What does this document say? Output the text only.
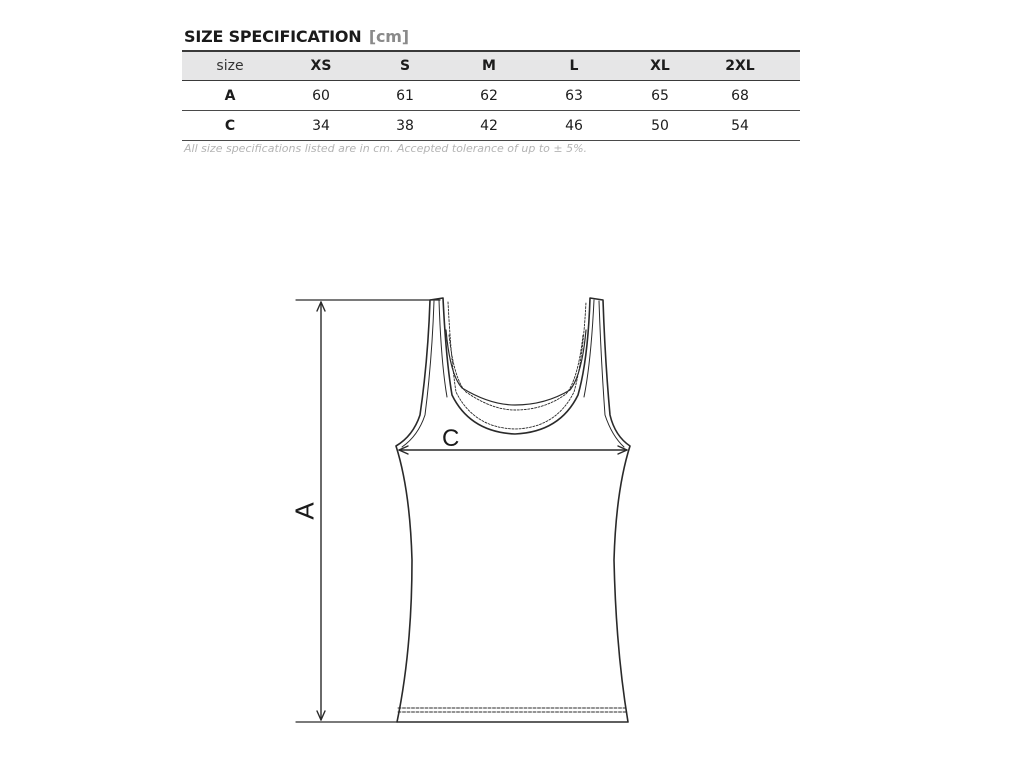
SIZE SPECIFICATION [cm]
size	XS	S	M	L	XL	2XL	
A	60	61	62	63	65	68	
C	34	38	42	46	50	54	
All size specifications listed are in cm. Accepted tolerance of up to ± 5%.
A
C
